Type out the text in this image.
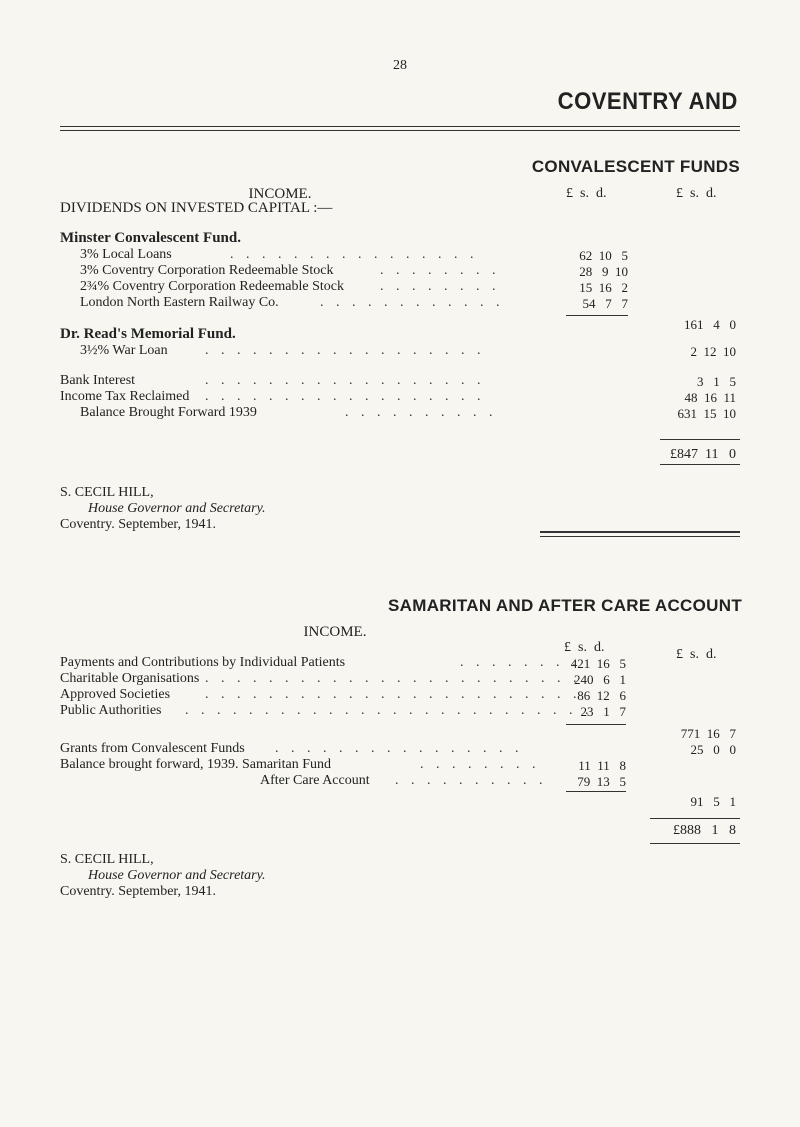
28
COVENTRY AND
CONVALESCENT FUNDS
INCOME.
DIVIDENDS ON INVESTED CAPITAL :—
£  s.  d.	£  s.  d.
Minster Convalescent Fund.
3% Local Loans	62  10   5
3% Coventry Corporation Redeemable Stock	28   9  10
2¾% Coventry Corporation Redeemable Stock	15  16   2
London North Eastern Railway Co.	54   7   7
161   4   0
Dr. Read's Memorial Fund.
3½% War Loan	2  12  10
Bank Interest	3   1   5
Income Tax Reclaimed	48  16  11
Balance Brought Forward 1939	631  15  10
. . . . . . . . . . . . . . . .
. . . . . . . .
. . . . . . . .
. . . . . . . . . . . .
. . . . . . . . . . . . . . . . . .
. . . . . . . . . . . . . . . . . .
. . . . . . . . . . . . . . . . . .
. . . . . . . . . .
£847  11   0
S. CECIL HILL,
House Governor and Secretary.
Coventry. September, 1941.
SAMARITAN AND AFTER CARE ACCOUNT
INCOME.
£  s.  d.	£  s.  d.
Payments and Contributions by Individual Patients	421  16   5
Charitable Organisations	240   6   1
Approved Societies	86  12   6
Public Authorities	23   1   7
. . . . . . . .
. . . . . . . . . . . . . . . . . . . . . . . .
. . . . . . . . . . . . . . . . . . . . . . . .
. . . . . . . . . . . . . . . . . . . . . . . . . .
771  16   7
Grants from Convalescent Funds . . . . . . . . . . . . . . . .	25   0   0
Balance brought forward, 1939. Samaritan Fund	. . . . . . . .	11  11   8
After Care Account . . . . . . . . . .	79  13   5
91   5   1
£888   1   8
S. CECIL HILL,
House Governor and Secretary.
Coventry. September, 1941.
